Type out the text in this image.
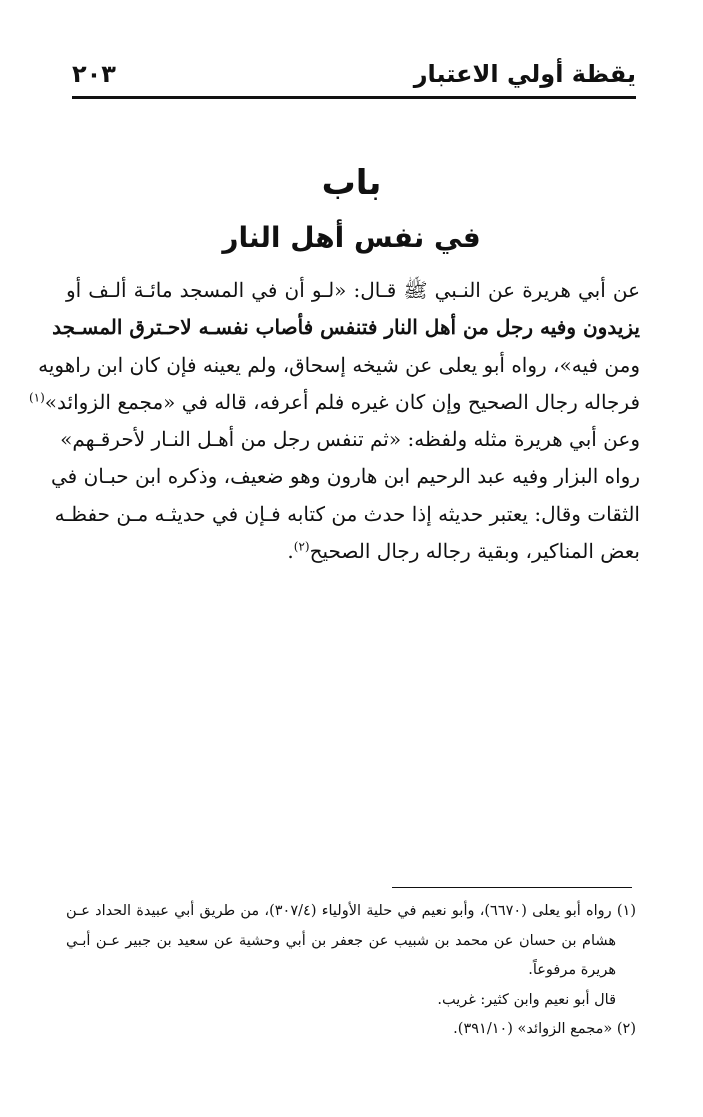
يقظة أولي الاعتبار
٢٠٣
باب
في نفس أهل النار
عن أبي هريرة عن النـبي ﷺ قـال: «لـو أن في المسجد مائـة ألـف أو
يزيدون وفيه رجل من أهل النار فتنفس فأصاب نفسـه لاحـترق المسـجد
ومن فيه»، رواه أبو يعلى عن شيخه إسحاق، ولم يعينه فإن كان ابن راهويه
فرجاله رجال الصحيح وإن كان غيره فلم أعرفه، قاله في «مجمع الزوائد»$^{(١)}$
وعن أبي هريرة مثله ولفظه: «ثم تنفس رجل من أهـل النـار لأحرقـهم»
رواه البزار وفيه عبد الرحيم ابن هارون وهو ضعيف، وذكره ابن حبـان في
الثقات وقال: يعتبر حديثه إذا حدث من كتابه فـإن في حديثـه مـن حفظـه
بعض المناكير، وبقية رجاله رجال الصحيح$^{(٢)}$.
(١) رواه أبو يعلى (٦٦٧٠)، وأبو نعيم في حلية الأولياء (٣٠٧/٤)، من طريق أبي عبيدة الحداد عـن
هشام بن حسان عن محمد بن شبيب عن جعفر بن أبي وحشية عن سعيد بن جبير عـن أبـي
هريرة مرفوعاً.
قال أبو نعيم وابن كثير: غريب.
(٢) «مجمع الزوائد» (٣٩١/١٠).
